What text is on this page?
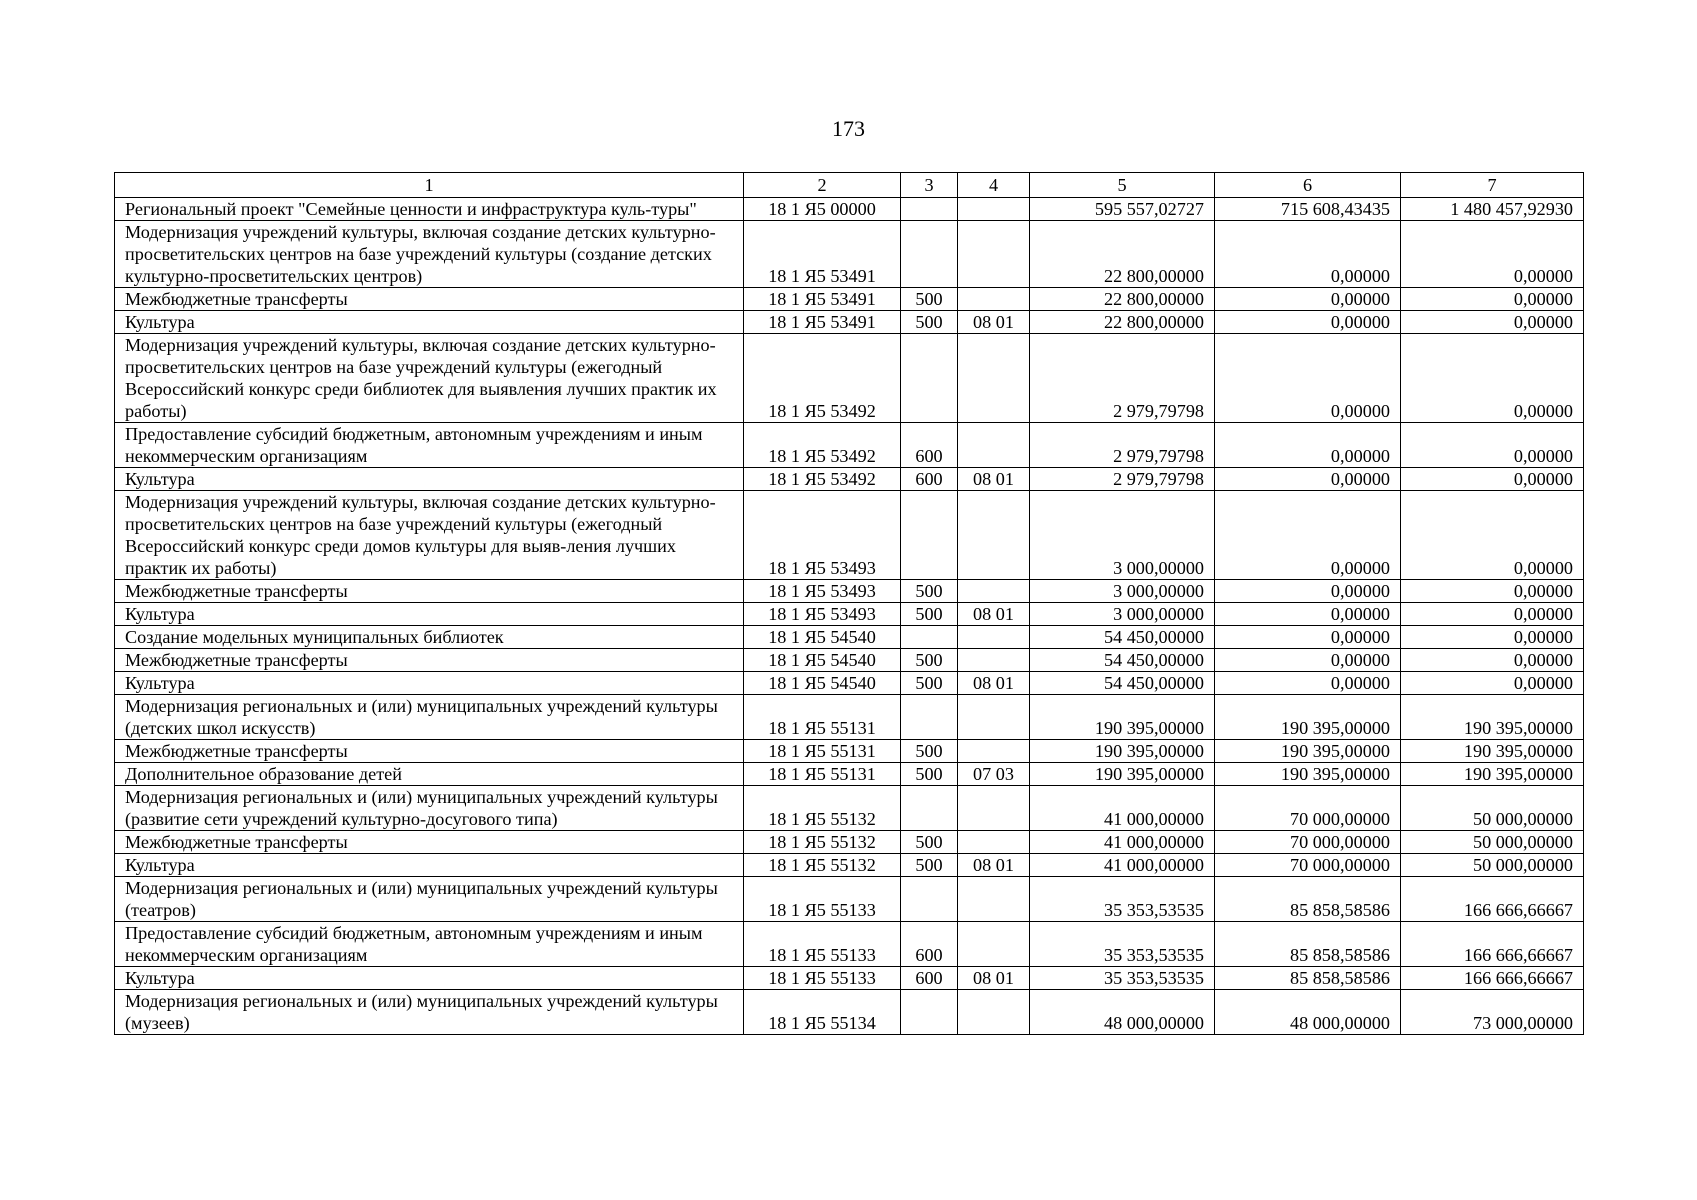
173
1	2	3	4	5	6	7
Региональный проект "Семейные ценности и инфраструктура куль-туры"	18 1 Я5 00000			595 557,02727	715 608,43435	1 480 457,92930
Модернизация учреждений культуры, включая создание детских культурно-просветительских центров на базе учреждений культуры (создание детских культурно-просветительских центров)	18 1 Я5 53491			22 800,00000	0,00000	0,00000
Межбюджетные трансферты	18 1 Я5 53491	500		22 800,00000	0,00000	0,00000
Культура	18 1 Я5 53491	500	08 01	22 800,00000	0,00000	0,00000
Модернизация учреждений культуры, включая создание детских культурно-просветительских центров на базе учреждений культуры (ежегодный Всероссийский конкурс среди библиотек для выявления лучших практик их работы)	18 1 Я5 53492			2 979,79798	0,00000	0,00000
Предоставление субсидий бюджетным, автономным учреждениям и иным некоммерческим организациям	18 1 Я5 53492	600		2 979,79798	0,00000	0,00000
Культура	18 1 Я5 53492	600	08 01	2 979,79798	0,00000	0,00000
Модернизация учреждений культуры, включая создание детских культурно-просветительских центров на базе учреждений культуры (ежегодный Всероссийский конкурс среди домов культуры для выяв-ления лучших практик их работы)	18 1 Я5 53493			3 000,00000	0,00000	0,00000
Межбюджетные трансферты	18 1 Я5 53493	500		3 000,00000	0,00000	0,00000
Культура	18 1 Я5 53493	500	08 01	3 000,00000	0,00000	0,00000
Создание модельных муниципальных библиотек	18 1 Я5 54540			54 450,00000	0,00000	0,00000
Межбюджетные трансферты	18 1 Я5 54540	500		54 450,00000	0,00000	0,00000
Культура	18 1 Я5 54540	500	08 01	54 450,00000	0,00000	0,00000
Модернизация региональных и (или) муниципальных учреждений культуры (детских школ искусств)	18 1 Я5 55131			190 395,00000	190 395,00000	190 395,00000
Межбюджетные трансферты	18 1 Я5 55131	500		190 395,00000	190 395,00000	190 395,00000
Дополнительное образование детей	18 1 Я5 55131	500	07 03	190 395,00000	190 395,00000	190 395,00000
Модернизация региональных и (или) муниципальных учреждений культуры (развитие сети учреждений культурно-досугового типа)	18 1 Я5 55132			41 000,00000	70 000,00000	50 000,00000
Межбюджетные трансферты	18 1 Я5 55132	500		41 000,00000	70 000,00000	50 000,00000
Культура	18 1 Я5 55132	500	08 01	41 000,00000	70 000,00000	50 000,00000
Модернизация региональных и (или) муниципальных учреждений культуры (театров)	18 1 Я5 55133			35 353,53535	85 858,58586	166 666,66667
Предоставление субсидий бюджетным, автономным учреждениям и иным некоммерческим организациям	18 1 Я5 55133	600		35 353,53535	85 858,58586	166 666,66667
Культура	18 1 Я5 55133	600	08 01	35 353,53535	85 858,58586	166 666,66667
Модернизация региональных и (или) муниципальных учреждений культуры (музеев)	18 1 Я5 55134			48 000,00000	48 000,00000	73 000,00000
